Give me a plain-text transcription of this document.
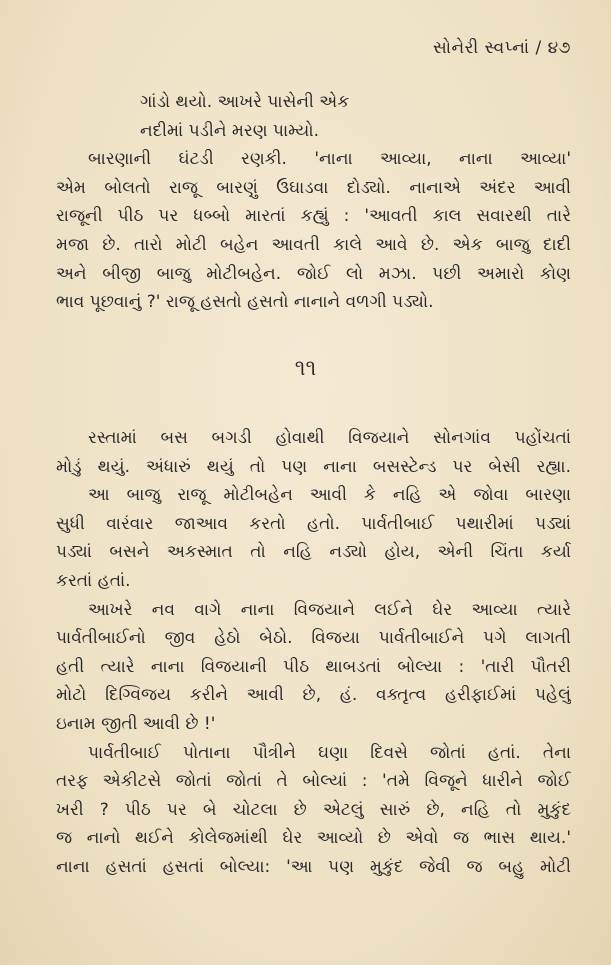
સોનેરી સ્વપ્નાં / ૪૭
ગાંડો થયો. આખરે પાસેની એક
નદીમાં પડીને મરણ પામ્યો.
બારણાની ઘંટડી રણકી. 'નાના આવ્યા, નાના આવ્યા'
એમ બોલતો રાજૂ બારણું ઉઘાડવા દોડ્યો. નાનાએ અંદર આવી
રાજૂની પીઠ પર ધબ્બો મારતાં કહ્યું : 'આવતી કાલ સવારથી તારે
મજા છે. તારો મોટી બહેન આવતી કાલે આવે છે. એક બાજુ દાદી
અને બીજી બાજુ મોટીબહેન. જોઈ લો મઝા. પછી અમારો કોણ
ભાવ પૂછવાનું ?' રાજૂ હસતો હસતો નાનાને વળગી પડ્યો.
૧૧
રસ્તામાં બસ બગડી હોવાથી વિજયાને સોનગાંવ પહોંચતાં
મોડું થયું. અંધારું થયું તો પણ નાના બસસ્ટેન્ડ પર બેસી રહ્યા.
આ બાજુ રાજૂ મોટીબહેન આવી કે નહિ એ જોવા બારણા
સુધી વારંવાર જાઆવ કરતો હતો. પાર્વતીબાઈ પથારીમાં પડ્યાં
પડ્યાં બસને અકસ્માત તો નહિ નડ્યો હોય, એની ચિંતા કર્યા
કરતાં હતાં.
આખરે નવ વાગે નાના વિજયાને લઈને ઘેર આવ્યા ત્યારે
પાર્વતીબાઈનો જીવ હેઠો બેઠો. વિજયા પાર્વતીબાઈને પગે લાગતી
હતી ત્યારે નાના વિજયાની પીઠ થાબડતાં બોલ્યા : 'તારી પૌતરી
મોટો દિગ્વિજય કરીને આવી છે, હં. વક્તૃત્વ હરીફાઈમાં પહેલું
ઇનામ જીતી આવી છે !'
પાર્વતીબાઈ પોતાના પૌત્રીને ઘણા દિવસે જોતાં હતાં. તેના
તરફ એકીટસે જોતાં જોતાં તે બોલ્યાં : 'તમે વિજૂને ધારીને જોઈ
ખરી ? પીઠ પર બે ચોટલા છે એટલું સારું છે, નહિ તો મુકુંદ
જ નાનો થઈને કોલેજમાંથી ઘેર આવ્યો છે એવો જ ભાસ થાય.'
નાના હસતાં હસતાં બોલ્યા: 'આ પણ મુકુંદ જેવી જ બહુ મોટી
